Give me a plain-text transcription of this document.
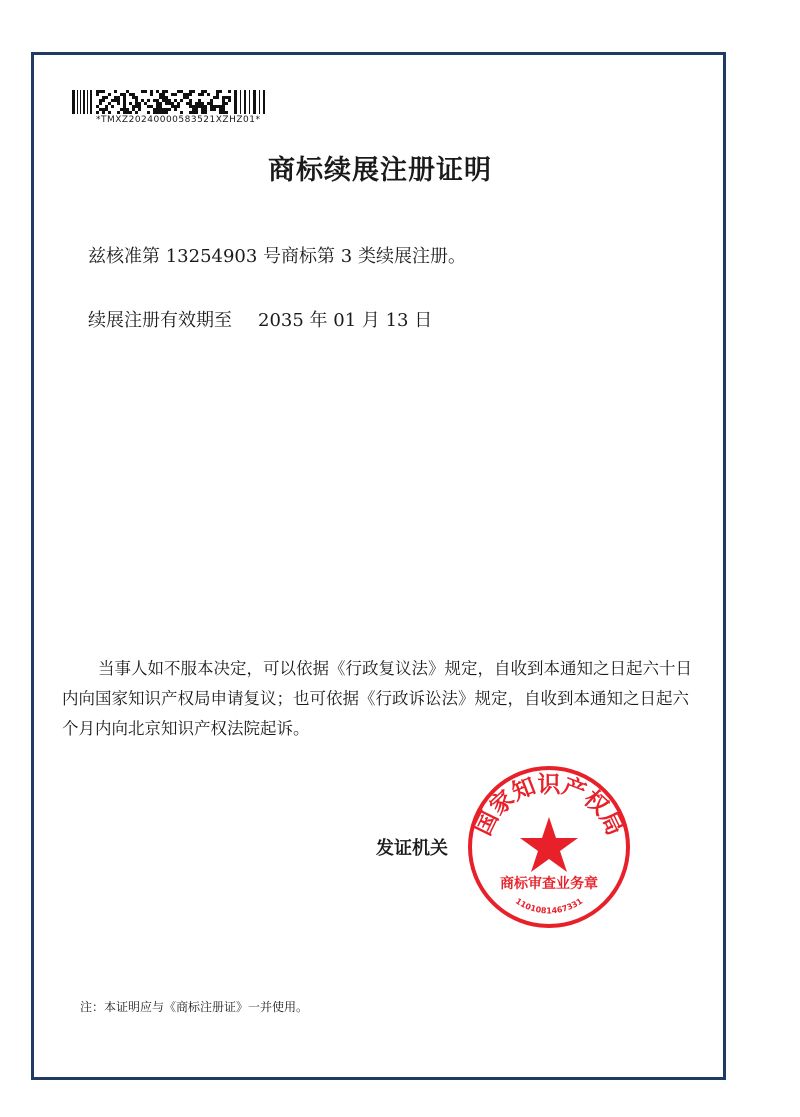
*TMXZ20240000583521XZHZ01*
商标续展注册证明
兹核准第 13254903 号商标第 3 类续展注册。
续展注册有效期至 2035 年 01 月 13 日
当事人如不服本决定，可以依据《行政复议法》规定，自收到本通知之日起六十日内向国家知识产权局申请复议；也可依据《行政诉讼法》规定，自收到本通知之日起六个月内向北京知识产权法院起诉。
发证机关
国家知识产权局
商标审查业务章
1101081467331
注：本证明应与《商标注册证》一并使用。
